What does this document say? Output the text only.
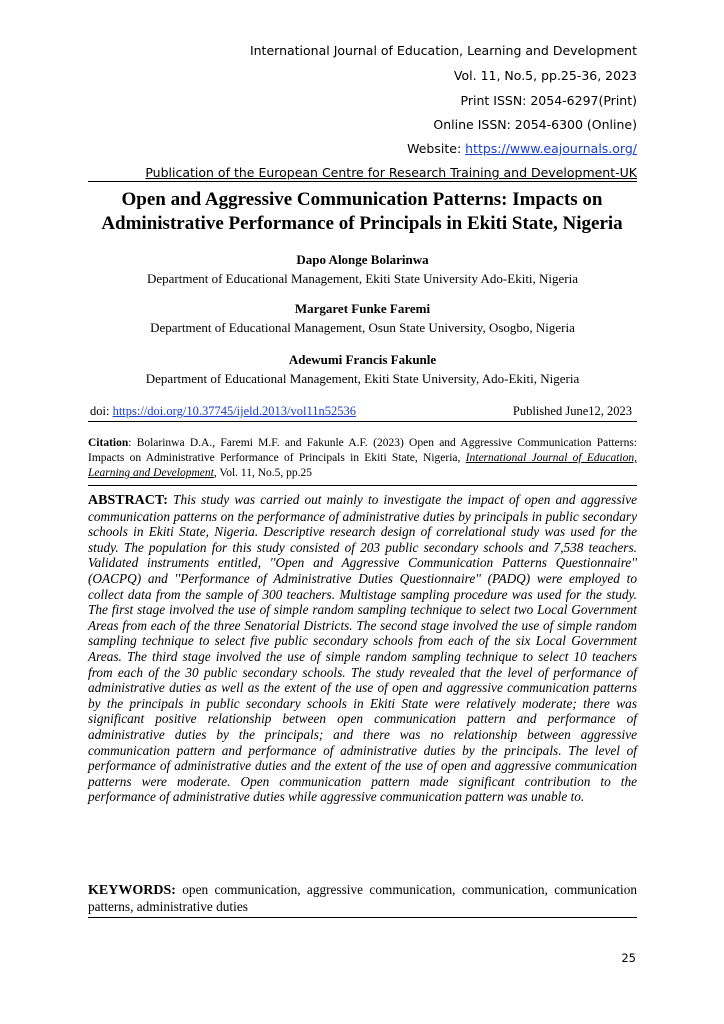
International Journal of Education, Learning and Development
Vol. 11, No.5, pp.25-36, 2023
Print ISSN: 2054-6297(Print)
Online ISSN: 2054-6300 (Online)
Website: https://www.eajournals.org/
Publication of the European Centre for Research Training and Development-UK
Open and Aggressive Communication Patterns: Impacts on
Administrative Performance of Principals in Ekiti State, Nigeria
Dapo Alonge Bolarinwa
Department of Educational Management, Ekiti State University Ado-Ekiti, Nigeria
Margaret Funke Faremi
Department of Educational Management, Osun State University, Osogbo, Nigeria
Adewumi Francis Fakunle
Department of Educational Management, Ekiti State University, Ado-Ekiti, Nigeria
doi: https://doi.org/10.37745/ijeld.2013/vol11n52536	Published June12, 2023
Citation: Bolarinwa D.A., Faremi M.F. and Fakunle A.F. (2023) Open and Aggressive Communication Patterns: Impacts on Administrative Performance of Principals in Ekiti State, Nigeria, International Journal of Education, Learning and Development, Vol. 11, No.5, pp.25
ABSTRACT: This study was carried out mainly to investigate the impact of open and aggressive communication patterns on the performance of administrative duties by principals in public secondary schools in Ekiti State, Nigeria. Descriptive research design of correlational study was used for the study. The population for this study consisted of 203 public secondary schools and 7,538 teachers. Validated instruments entitled, ''Open and Aggressive Communication Patterns Questionnaire'' (OACPQ) and ''Performance of Administrative Duties Questionnaire'' (PADQ) were employed to collect data from the sample of 300 teachers. Multistage sampling procedure was used for the study. The first stage involved the use of simple random sampling technique to select two Local Government Areas from each of the three Senatorial Districts. The second stage involved the use of simple random sampling technique to select five public secondary schools from each of the six Local Government Areas. The third stage involved the use of simple random sampling technique to select 10 teachers from each of the 30 public secondary schools. The study revealed that the level of performance of administrative duties as well as the extent of the use of open and aggressive communication patterns by the principals in public secondary schools in Ekiti State were relatively moderate; there was significant positive relationship between open communication pattern and performance of administrative duties by the principals; and there was no relationship between aggressive communication pattern and performance of administrative duties by the principals. The level of performance of administrative duties and the extent of the use of open and aggressive communication patterns were moderate. Open communication pattern made significant contribution to the performance of administrative duties while aggressive communication pattern was unable to.
KEYWORDS: open communication, aggressive communication, communication, communication patterns, administrative duties
25
